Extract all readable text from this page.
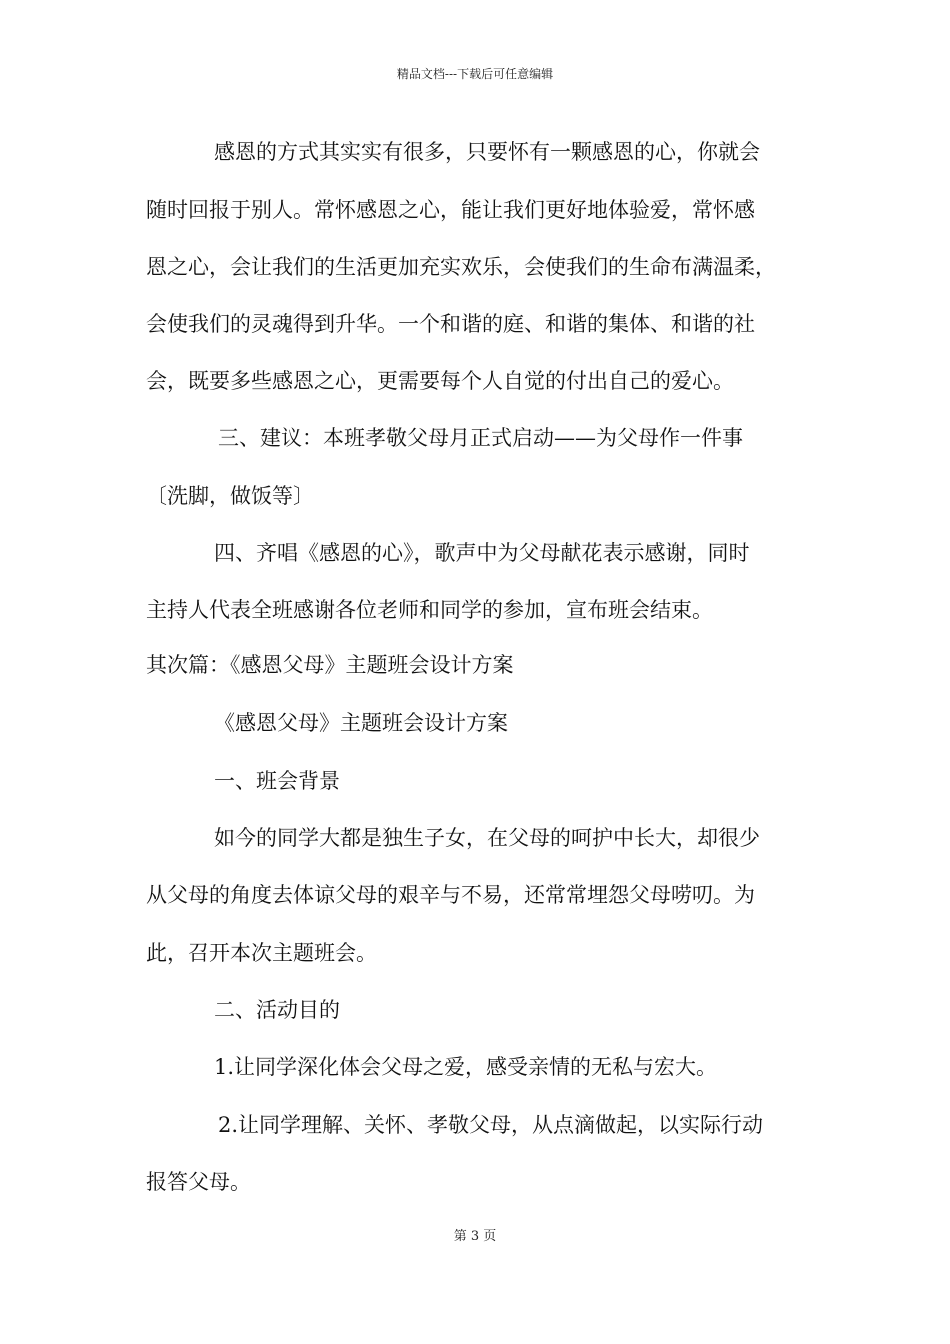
精品文档---下载后可任意编辑
感恩的方式其实实有很多，只要怀有一颗感恩的心，你就会
随时回报于别人。常怀感恩之心，能让我们更好地体验爱，常怀感
恩之心，会让我们的生活更加充实欢乐，会使我们的生命布满温柔，
会使我们的灵魂得到升华。一个和谐的庭、和谐的集体、和谐的社
会，既要多些感恩之心，更需要每个人自觉的付出自己的爱心。
三、建议：本班孝敬父母月正式启动——为父母作一件事
〔洗脚，做饭等〕
四、齐唱《感恩的心》，歌声中为父母献花表示感谢，同时
主持人代表全班感谢各位老师和同学的参加，宣布班会结束。
其次篇：《感恩父母》主题班会设计方案
《感恩父母》主题班会设计方案
一、班会背景
如今的同学大都是独生子女，在父母的呵护中长大，却很少
从父母的角度去体谅父母的艰辛与不易，还常常埋怨父母唠叨。为
此，召开本次主题班会。
二、活动目的
1.让同学深化体会父母之爱，感受亲情的无私与宏大。
2.让同学理解、关怀、孝敬父母，从点滴做起，以实际行动
报答父母。
第 3 页
